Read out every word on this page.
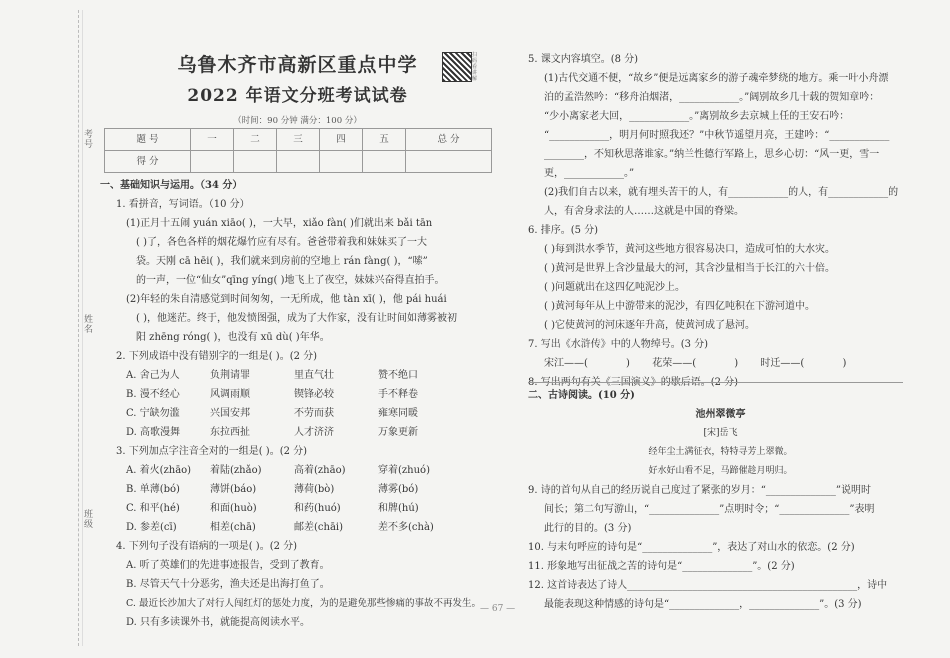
考号
姓名
班级
乌鲁木齐市高新区重点中学
2022 年语文分班考试试卷
扫码看讲解
（时间：90 分钟 满分：100 分）
题 号	一	二	三	四	五	总 分
得 分						

一、基础知识与运用。（34 分）

1. 看拼音，写词语。（10 分）

(1)正月十五闹 yuán xiāo( )，一大早，xiǎo fàn( )们就出来 bǎi tān

( )了，各色各样的烟花爆竹应有尽有。爸爸带着我和妹妹买了一大

袋。天刚 cā hēi( )，我们就来到房前的空地上 rán fàng( )，“嗦”

的一声，一位“仙女”qīng yíng( )地飞上了夜空，妹妹兴奋得直拍手。

(2)年轻的朱自清感觉到时间匆匆，一无所成，他 tàn xī( )，他 pái huái

( )，他迷茫。终于，他发愤图强，成为了大作家，没有让时间如薄雾被初

阳 zhēng róng( )，也没有 xū dù( )年华。

2. 下列成语中没有错别字的一组是( )。(2 分)

A. 舍己为人	负荆请罪	里直气壮	赞不绝口
B. 漫不经心	风调雨顺	锲锋必较	手不释卷
C. 宁缺勿滥	兴国安邦	不劳而获	雍寒同暖
D. 高歌漫舞	东拉西扯	人才济济	万象更新

3. 下列加点字注音全对的一组是( )。(2 分)

A. 着火(zhāo)	着陆(zhǎo)	高着(zhāo)	穿着(zhuó)
B. 单薄(bó)	薄饼(báo)	薄荷(bò)	薄雾(bó)
C. 和平(hé)	和面(huò)	和药(huó)	和牌(hú)
D. 参差(cī)	相差(chā)	邮差(chāi)	差不多(chà)

4. 下列句子没有语病的一项是( )。(2 分)

A. 听了英雄们的先进事迹报告，受到了教育。

B. 尽管天气十分恶劣，渔夫还是出海打鱼了。

C. 最近长沙加大了对行人闯红灯的惩处力度，为的是避免那些惨痛的事故不再发生。

D. 只有多读课外书，就能提高阅读水平。

5. 课文内容填空。(8 分)

(1)古代交通不便，“故乡”便是远离家乡的游子魂牵梦绕的地方。乘一叶小舟漂

泊的孟浩然吟：“移舟泊烟渚，____________。”阔别故乡几十载的贺知章吟：

“少小离家老大回，____________。”离别故乡去京城上任的王安石吟：

“____________，明月何时照我还？”中秋节遥望月亮，王建吟：“____________

________，不知秋思落谁家。”纳兰性德行军路上，思乡心切：“风一更，雪一

更，____________。”

(2)我们自古以来，就有埋头苦干的人，有____________的人，有____________的

人，有舍身求法的人……这就是中国的脊梁。

6. 排序。(5 分)

( )每到洪水季节，黄河这些地方很容易决口，造成可怕的大水灾。

( )黄河是世界上含沙量最大的河，其含沙量相当于长江的六十倍。

( )问题就出在这四亿吨泥沙上。

( )黄河每年从上中游带来的泥沙，有四亿吨积在下游河道中。

( )它使黄河的河床逐年升高，使黄河成了悬河。

7. 写出《水浒传》中的人物绰号。(3 分)

宋江——(            )       花荣——(            )       时迁——(            )

8. 写出两句有关《三国演义》的歇后语。(2 分)

二、古诗阅读。(10 分)

池州翠微亭

[宋]岳飞

经年尘土满征衣，特特寻芳上翠微。

好水好山看不足，马蹄催趁月明归。

9. 诗的首句从自己的经历说自己度过了紧张的岁月：“______________”说明时

间长；第二句写游山，“______________”点明时令；“______________”表明

此行的目的。(3 分)

10. 与末句呼应的诗句是“______________”，表达了对山水的依恋。(2 分)

11. 形象地写出征战之苦的诗句是“______________”。(2 分)

12. 这首诗表达了诗人______________________________________________，诗中

最能表现这种情感的诗句是“______________，______________”。(3 分)

— 67 —
